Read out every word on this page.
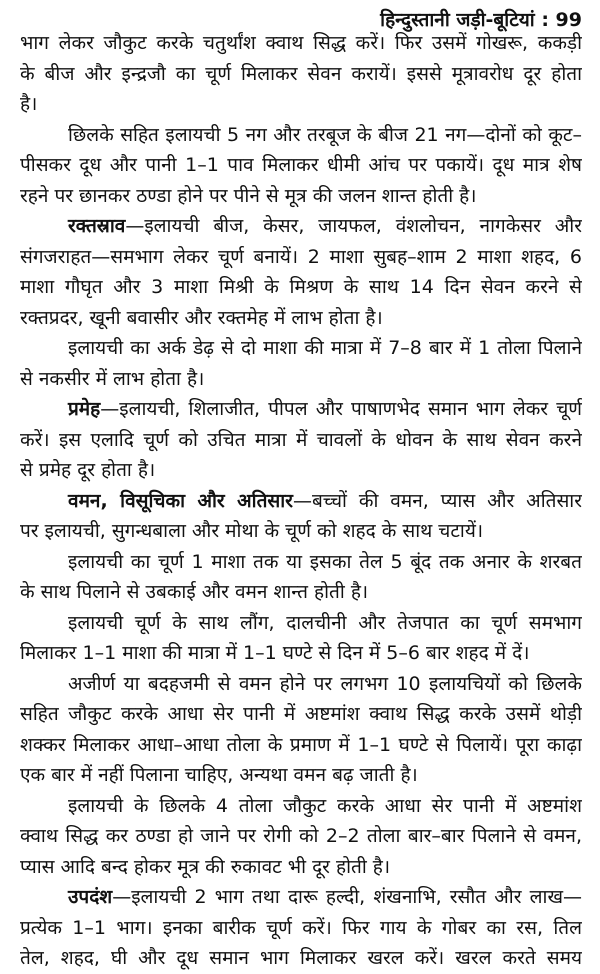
हिन्दुस्तानी जड़ी-बूटियां : 99
भाग लेकर जौकुट करके चतुर्थांश क्वाथ सिद्ध करें। फिर उसमें गोखरू, ककड़ी
के बीज और इन्द्रजौ का चूर्ण मिलाकर सेवन करायें। इससे मूत्रावरोध दूर होता
है।
छिलके सहित इलायची 5 नग और तरबूज के बीज 21 नग—दोनों को कूट–
पीसकर दूध और पानी 1–1 पाव मिलाकर धीमी आंच पर पकायें। दूध मात्र शेष
रहने पर छानकर ठण्डा होने पर पीने से मूत्र की जलन शान्त होती है।
रक्तस्राव—इलायची बीज, केसर, जायफल, वंशलोचन, नागकेसर और
संगजराहत—समभाग लेकर चूर्ण बनायें। 2 माशा सुबह–शाम 2 माशा शहद, 6
माशा गौघृत और 3 माशा मिश्री के मिश्रण के साथ 14 दिन सेवन करने से
रक्तप्रदर, खूनी बवासीर और रक्तमेह में लाभ होता है।
इलायची का अर्क डेढ़ से दो माशा की मात्रा में 7–8 बार में 1 तोला पिलाने
से नकसीर में लाभ होता है।
प्रमेह—इलायची, शिलाजीत, पीपल और पाषाणभेद समान भाग लेकर चूर्ण
करें। इस एलादि चूर्ण को उचित मात्रा में चावलों के धोवन के साथ सेवन करने
से प्रमेह दूर होता है।
वमन, विसूचिका और अतिसार—बच्चों की वमन, प्यास और अतिसार
पर इलायची, सुगन्धबाला और मोथा के चूर्ण को शहद के साथ चटायें।
इलायची का चूर्ण 1 माशा तक या इसका तेल 5 बूंद तक अनार के शरबत
के साथ पिलाने से उबकाई और वमन शान्त होती है।
इलायची चूर्ण के साथ लौंग, दालचीनी और तेजपात का चूर्ण समभाग
मिलाकर 1–1 माशा की मात्रा में 1–1 घण्टे से दिन में 5–6 बार शहद में दें।
अजीर्ण या बदहजमी से वमन होने पर लगभग 10 इलायचियों को छिलके
सहित जौकुट करके आधा सेर पानी में अष्टमांश क्वाथ सिद्ध करके उसमें थोड़ी
शक्कर मिलाकर आधा–आधा तोला के प्रमाण में 1–1 घण्टे से पिलायें। पूरा काढ़ा
एक बार में नहीं पिलाना चाहिए, अन्यथा वमन बढ़ जाती है।
इलायची के छिलके 4 तोला जौकुट करके आधा सेर पानी में अष्टमांश
क्वाथ सिद्ध कर ठण्डा हो जाने पर रोगी को 2–2 तोला बार–बार पिलाने से वमन,
प्यास आदि बन्द होकर मूत्र की रुकावट भी दूर होती है।
उपदंश—इलायची 2 भाग तथा दारू हल्दी, शंखनाभि, रसौत और लाख—
प्रत्येक 1–1 भाग। इनका बारीक चूर्ण करें। फिर गाय के गोबर का रस, तिल
तेल, शहद, घी और दूध समान भाग मिलाकर खरल करें। खरल करते समय
